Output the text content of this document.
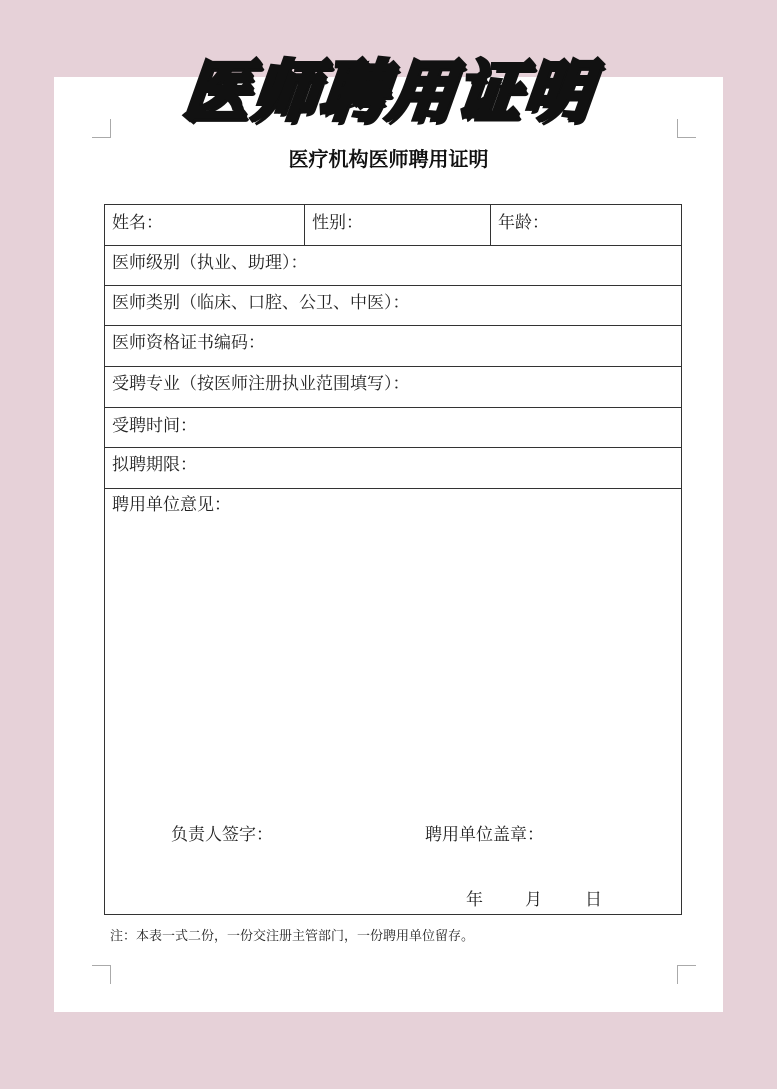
医师聘用证明
医疗机构医师聘用证明
姓名：	性别：	年龄：
医师级别（执业、助理）：
医师类别（临床、口腔、公卫、中医）：
医师资格证书编码：
受聘专业（按医师注册执业范围填写）：
受聘时间：
拟聘期限：
聘用单位意见：
负责人签字：	聘用单位盖章：
年 月	日
注：本表一式二份，一份交注册主管部门，一份聘用单位留存。
